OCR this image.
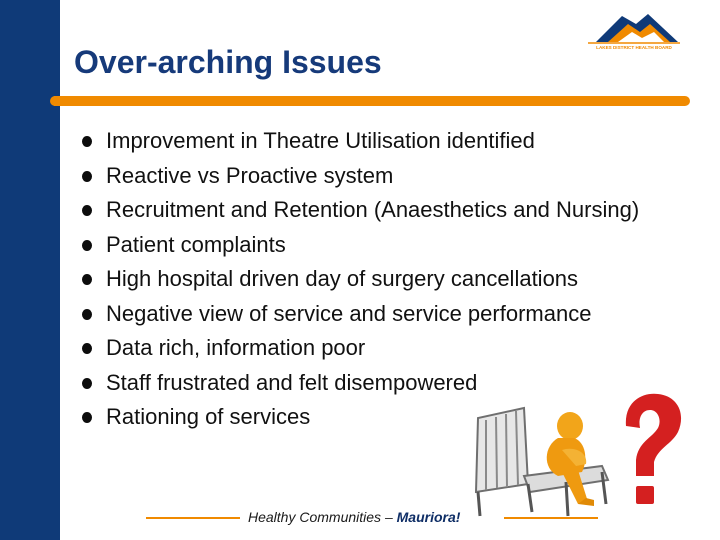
LAKES DISTRICT HEALTH BOARD
Over-arching Issues
Improvement in Theatre Utilisation identified
Reactive vs Proactive system
Recruitment and Retention (Anaesthetics and Nursing)
Patient complaints
High hospital driven day of surgery cancellations
Negative view of service and service performance
Data rich, information poor
Staff frustrated and felt disempowered
Rationing of services
Healthy Communities – Mauriora!
